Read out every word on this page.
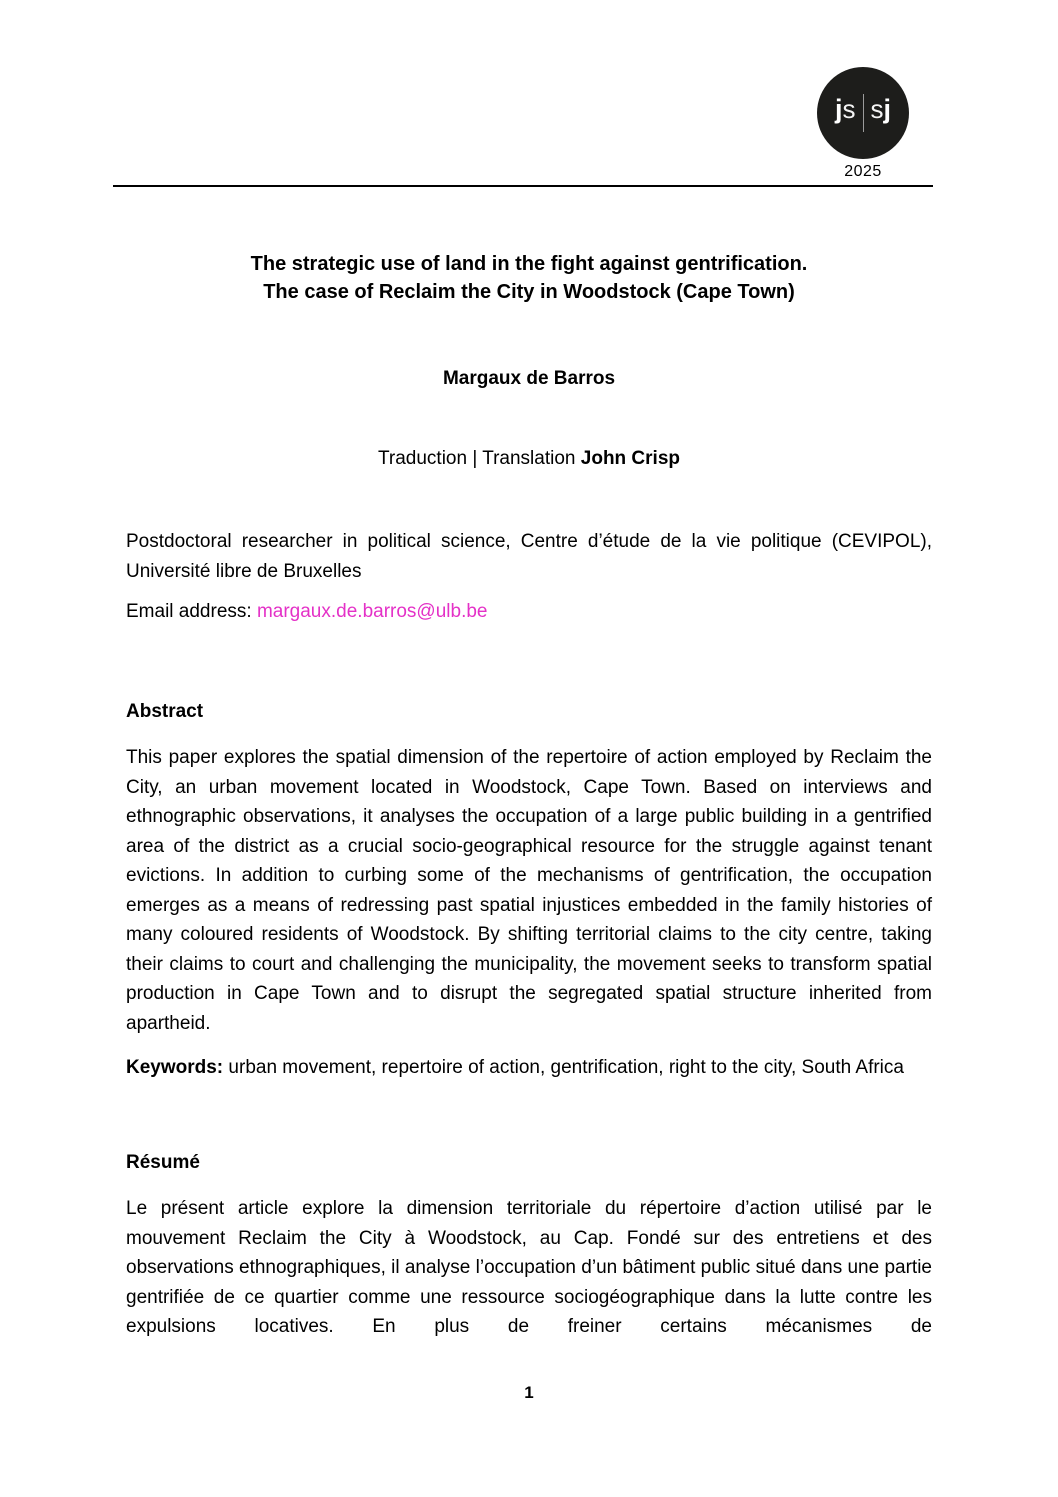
j s s j
2025
The strategic use of land in the fight against gentrification.
The case of Reclaim the City in Woodstock (Cape Town)
Margaux de Barros
Traduction | Translation John Crisp

Postdoctoral researcher in political science, Centre d’étude de la vie politique (CEVIPOL), Université libre de Bruxelles

Email address: margaux.de.barros@ulb.be

Abstract

This paper explores the spatial dimension of the repertoire of action employed by Reclaim the City, an urban movement located in Woodstock, Cape Town. Based on interviews and ethnographic observations, it analyses the occupation of a large public building in a gentrified area of the district as a crucial socio-geographical resource for the struggle against tenant evictions. In addition to curbing some of the mechanisms of gentrification, the occupation emerges as a means of redressing past spatial injustices embedded in the family histories of many coloured residents of Woodstock. By shifting territorial claims to the city centre, taking their claims to court and challenging the municipality, the movement seeks to transform spatial production in Cape Town and to disrupt the segregated spatial structure inherited from apartheid.

Keywords: urban movement, repertoire of action, gentrification, right to the city, South Africa

Résumé

Le présent article explore la dimension territoriale du répertoire d’action utilisé par le mouvement Reclaim the City à Woodstock, au Cap. Fondé sur des entretiens et des observations ethnographiques, il analyse l’occupation d’un bâtiment public situé dans une partie gentrifiée de ce quartier comme une ressource sociogéographique dans la lutte contre les expulsions locatives. En plus de freiner certains mécanismes de

1
